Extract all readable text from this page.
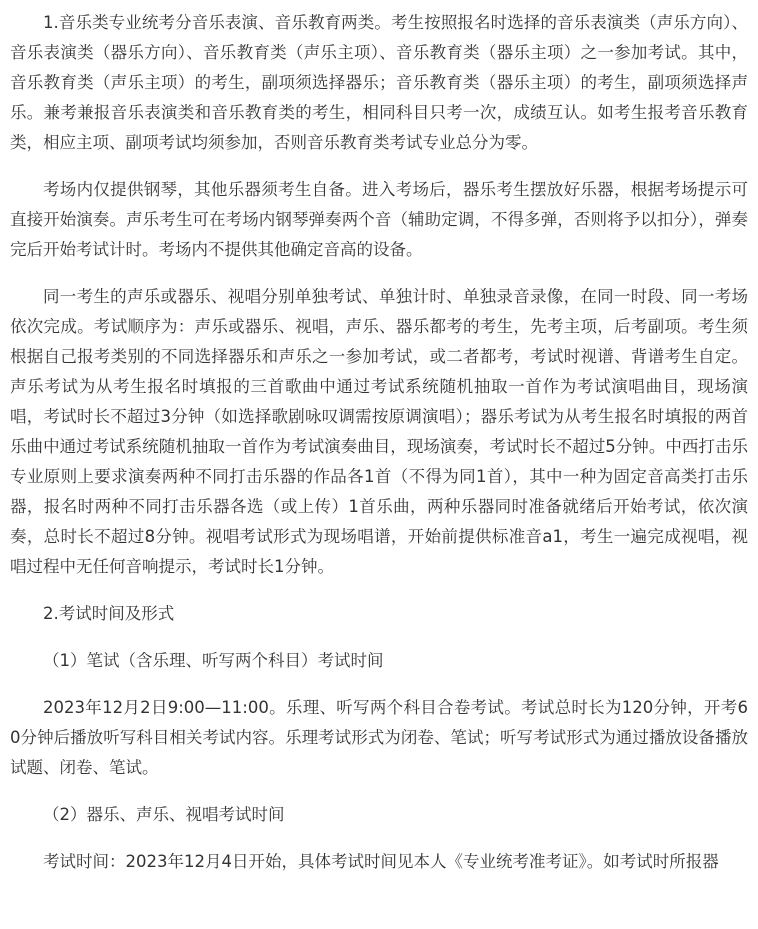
1.音乐类专业统考分音乐表演、音乐教育两类。考生按照报名时选择的音乐表演类（声乐方向）、音乐表演类（器乐方向）、音乐教育类（声乐主项）、音乐教育类（器乐主项）之一参加考试。其中，音乐教育类（声乐主项）的考生，副项须选择器乐；音乐教育类（器乐主项）的考生，副项须选择声乐。兼考兼报音乐表演类和音乐教育类的考生，相同科目只考一次，成绩互认。如考生报考音乐教育类，相应主项、副项考试均须参加，否则音乐教育类考试专业总分为零。

考场内仅提供钢琴，其他乐器须考生自备。进入考场后，器乐考生摆放好乐器，根据考场提示可直接开始演奏。声乐考生可在考场内钢琴弹奏两个音（辅助定调，不得多弹，否则将予以扣分），弹奏完后开始考试计时。考场内不提供其他确定音高的设备。

同一考生的声乐或器乐、视唱分别单独考试、单独计时、单独录音录像，在同一时段、同一考场依次完成。考试顺序为：声乐或器乐、视唱，声乐、器乐都考的考生，先考主项，后考副项。考生须根据自己报考类别的不同选择器乐和声乐之一参加考试，或二者都考，考试时视谱、背谱考生自定。声乐考试为从考生报名时填报的三首歌曲中通过考试系统随机抽取一首作为考试演唱曲目，现场演唱，考试时长不超过3分钟（如选择歌剧咏叹调需按原调演唱）；器乐考试为从考生报名时填报的两首乐曲中通过考试系统随机抽取一首作为考试演奏曲目，现场演奏，考试时长不超过5分钟。中西打击乐专业原则上要求演奏两种不同打击乐器的作品各1首（不得为同1首），其中一种为固定音高类打击乐器，报名时两种不同打击乐器各选（或上传）1首乐曲，两种乐器同时准备就绪后开始考试，依次演奏，总时长不超过8分钟。视唱考试形式为现场唱谱，开始前提供标准音a1，考生一遍完成视唱，视唱过程中无任何音响提示，考试时长1分钟。

2.考试时间及形式

（1）笔试（含乐理、听写两个科目）考试时间

2023年12月2日9:00—11:00。乐理、听写两个科目合卷考试。考试总时长为120分钟，开考60分钟后播放听写科目相关考试内容。乐理考试形式为闭卷、笔试；听写考试形式为通过播放设备播放试题、闭卷、笔试。

（2）器乐、声乐、视唱考试时间

考试时间：2023年12月4日开始，具体考试时间见本人《专业统考准考证》。如考试时所报器
